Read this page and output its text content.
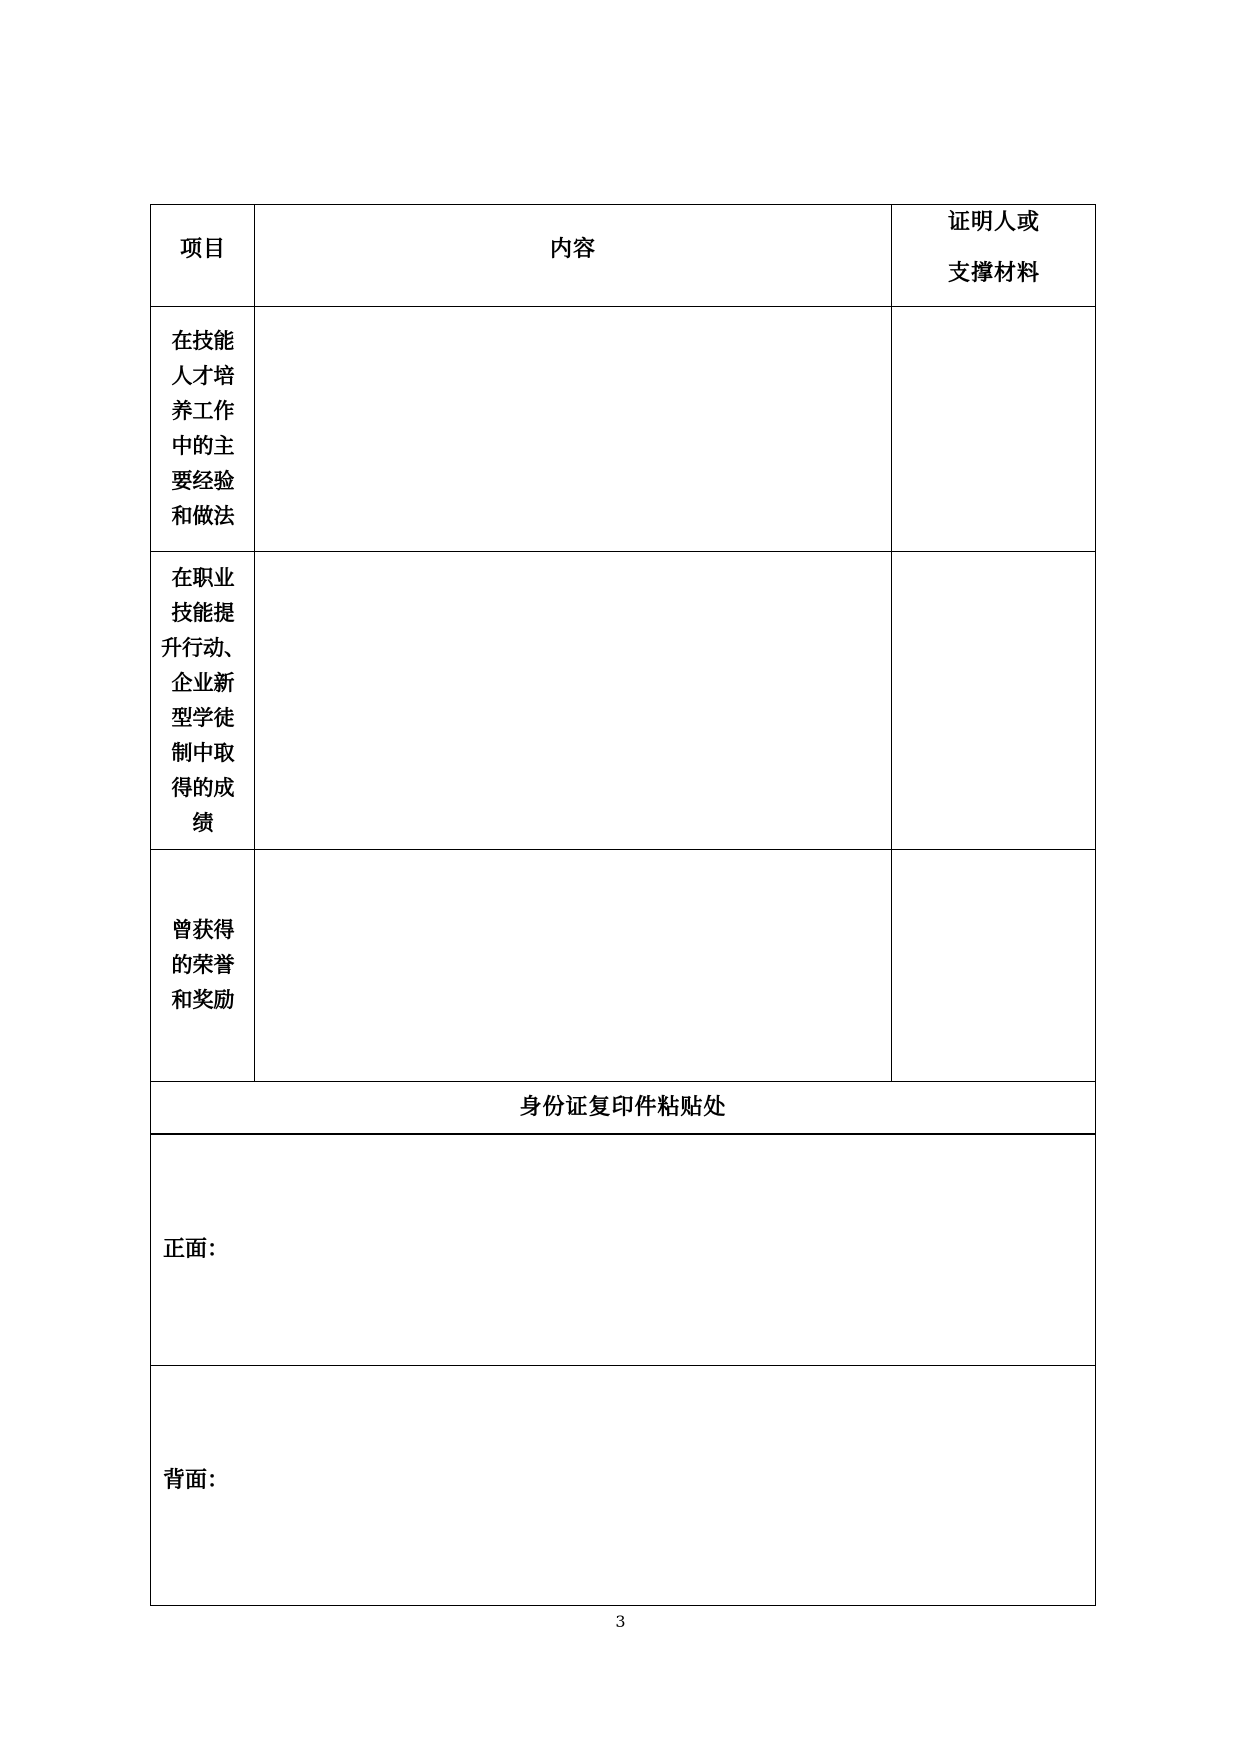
项目	内容
证明人或
支撑材料
在技能
人才培
养工作
中的主
要经验
和做法
在职业
技能提
升行动、
企业新
型学徒
制中取
得的成
绩
曾获得
的荣誉
和奖励
身份证复印件粘贴处
正面：
背面：
3
